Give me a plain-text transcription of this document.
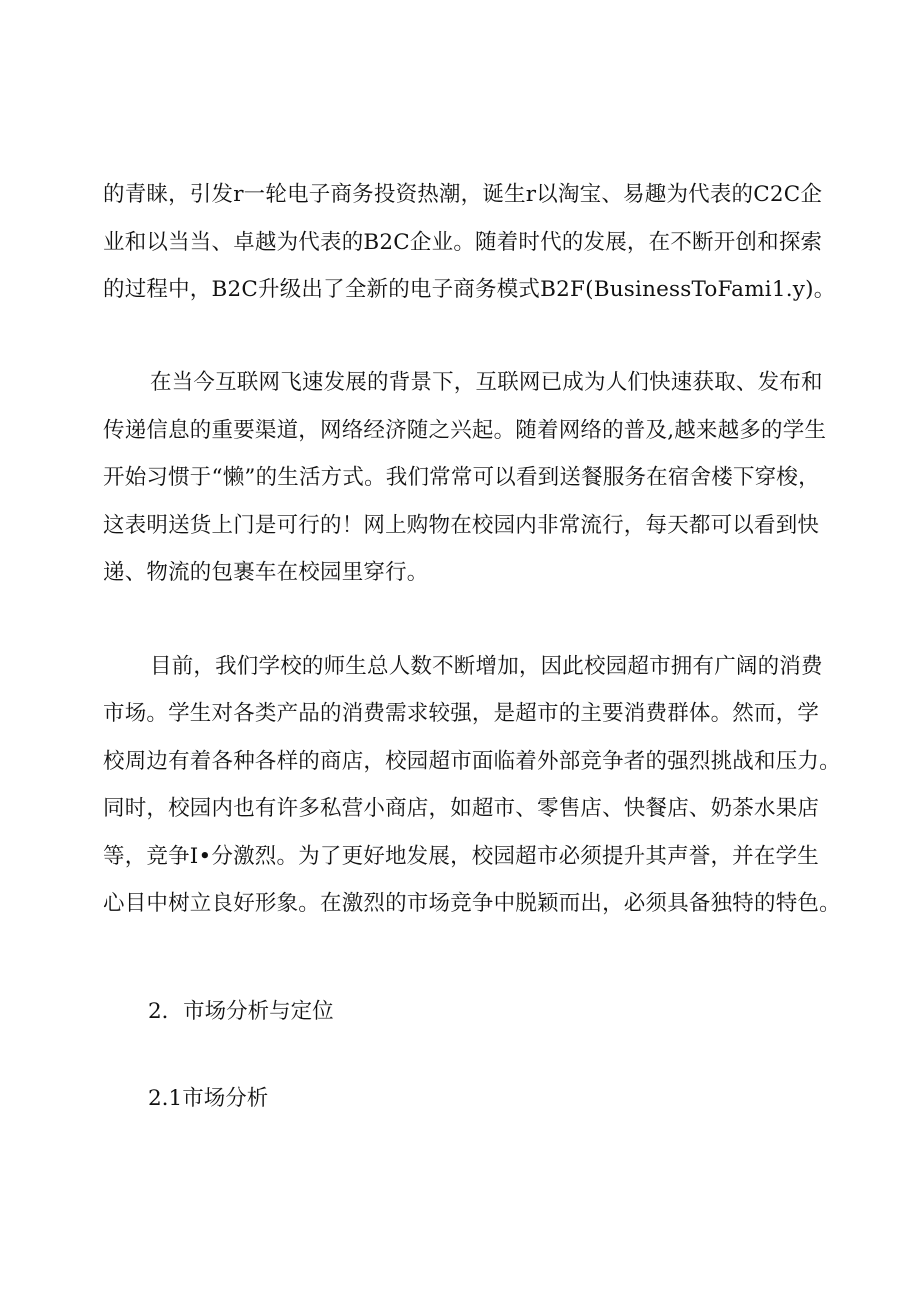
的青睐，引发r一轮电子商务投资热潮，诞生r以淘宝、易趣为代表的C2C企
业和以当当、卓越为代表的B2C企业。随着时代的发展，在不断开创和探索
的过程中，B2C升级出了全新的电子商务模式B2F(BusinessToFami1.y)。
在当今互联网飞速发展的背景下，互联网已成为人们快速获取、发布和
传递信息的重要渠道，网络经济随之兴起。随着网络的普及,越来越多的学生
开始习惯于“懒”的生活方式。我们常常可以看到送餐服务在宿舍楼下穿梭，
这表明送货上门是可行的！网上购物在校园内非常流行，每天都可以看到快
递、物流的包裹车在校园里穿行。
目前，我们学校的师生总人数不断增加，因此校园超市拥有广阔的消费
市场。学生对各类产品的消费需求较强，是超市的主要消费群体。然而，学
校周边有着各种各样的商店，校园超市面临着外部竞争者的强烈挑战和压力。
同时，校园内也有许多私营小商店，如超市、零售店、快餐店、奶茶水果店
等，竞争I•分激烈。为了更好地发展，校园超市必须提升其声誉，并在学生
心目中树立良好形象。在激烈的市场竞争中脱颖而出，必须具备独特的特色。
2．市场分析与定位
2.1市场分析
